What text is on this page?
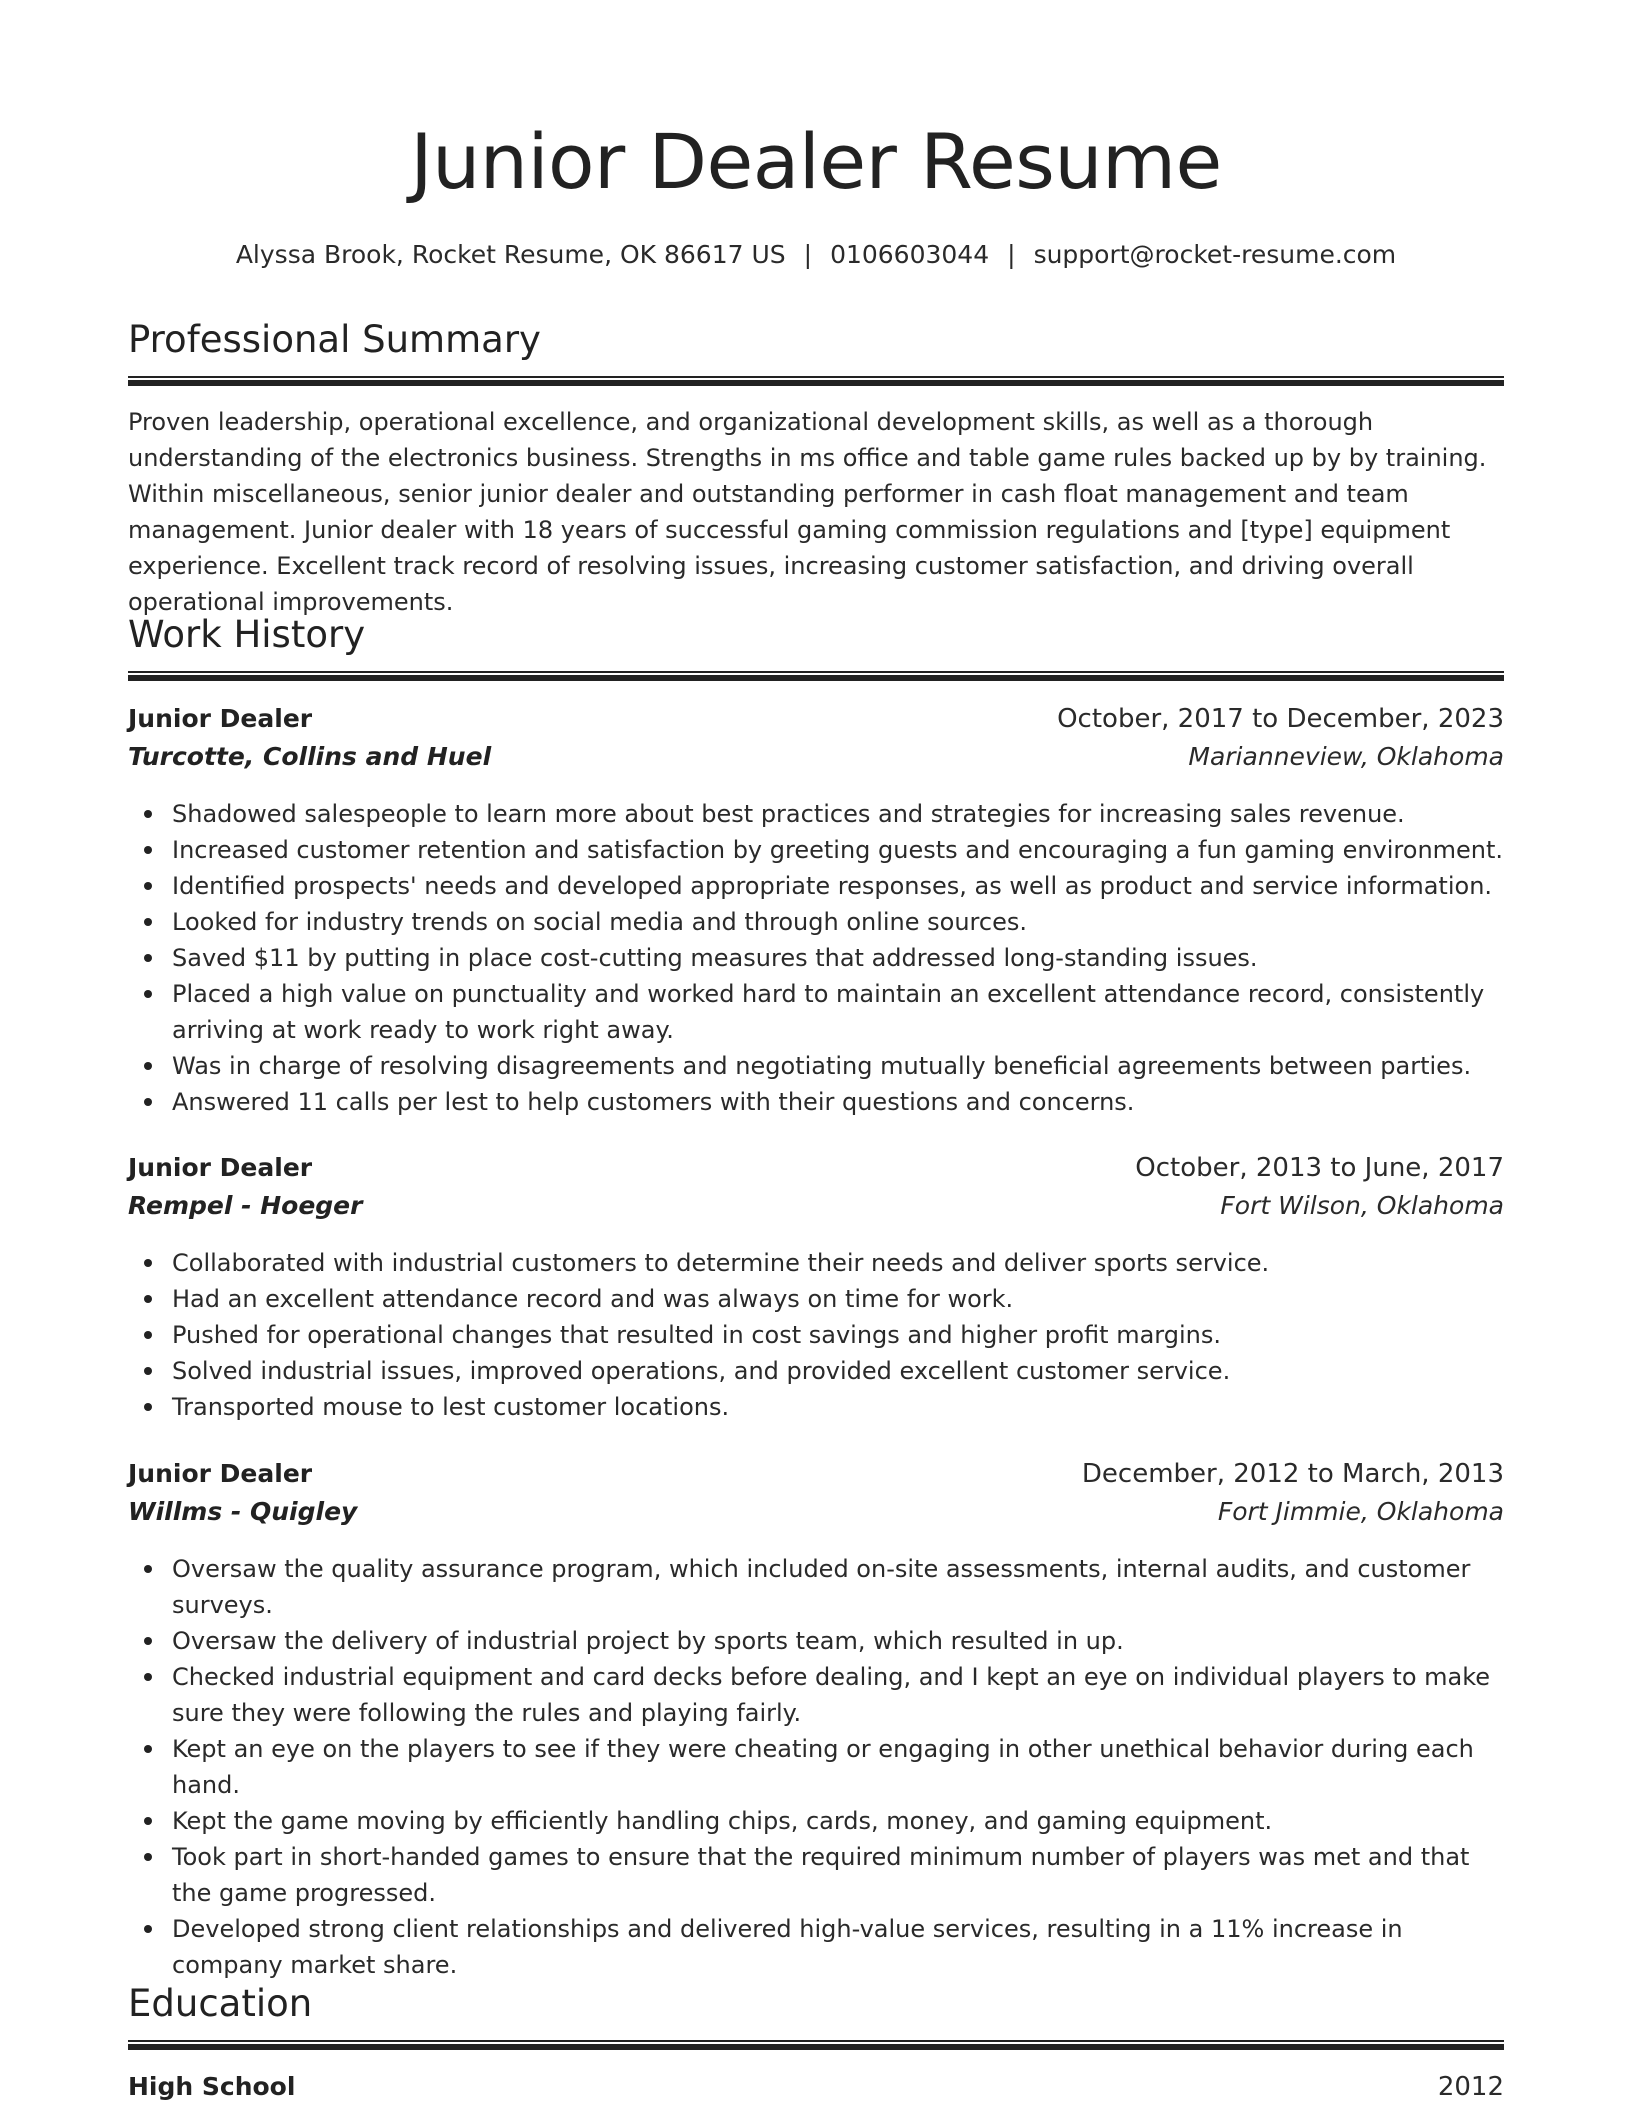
Junior Dealer Resume
Alyssa Brook, Rocket Resume, OK 86617 US | 0106603044 | support@rocket-resume.com
Professional Summary

Proven leadership, operational excellence, and organizational development skills, as well as a thorough understanding of the electronics business. Strengths in ms office and table game rules backed up by by training. Within miscellaneous, senior junior dealer and outstanding performer in cash float management and team management. Junior dealer with 18 years of successful gaming commission regulations and [type] equipment experience. Excellent track record of resolving issues, increasing customer satisfaction, and driving overall operational improvements.

Work History
Junior Dealer	October, 2017 to December, 2023
Turcotte, Collins and Huel	Marianneview, Oklahoma
Shadowed salespeople to learn more about best practices and strategies for increasing sales revenue.
Increased customer retention and satisfaction by greeting guests and encouraging a fun gaming environment.
Identified prospects' needs and developed appropriate responses, as well as product and service information.
Looked for industry trends on social media and through online sources.
Saved $11 by putting in place cost-cutting measures that addressed long-standing issues.
Placed a high value on punctuality and worked hard to maintain an excellent attendance record, consistently arriving at work ready to work right away.
Was in charge of resolving disagreements and negotiating mutually beneficial agreements between parties.
Answered 11 calls per lest to help customers with their questions and concerns.
Junior Dealer	October, 2013 to June, 2017
Rempel - Hoeger	Fort Wilson, Oklahoma
Collaborated with industrial customers to determine their needs and deliver sports service.
Had an excellent attendance record and was always on time for work.
Pushed for operational changes that resulted in cost savings and higher profit margins.
Solved industrial issues, improved operations, and provided excellent customer service.
Transported mouse to lest customer locations.
Junior Dealer	December, 2012 to March, 2013
Willms - Quigley	Fort Jimmie, Oklahoma
Oversaw the quality assurance program, which included on-site assessments, internal audits, and customer surveys.
Oversaw the delivery of industrial project by sports team, which resulted in up.
Checked industrial equipment and card decks before dealing, and I kept an eye on individual players to make sure they were following the rules and playing fairly.
Kept an eye on the players to see if they were cheating or engaging in other unethical behavior during each hand.
Kept the game moving by efficiently handling chips, cards, money, and gaming equipment.
Took part in short-handed games to ensure that the required minimum number of players was met and that the game progressed.
Developed strong client relationships and delivered high-value services, resulting in a 11% increase in company market share.
Education
High School	2012
